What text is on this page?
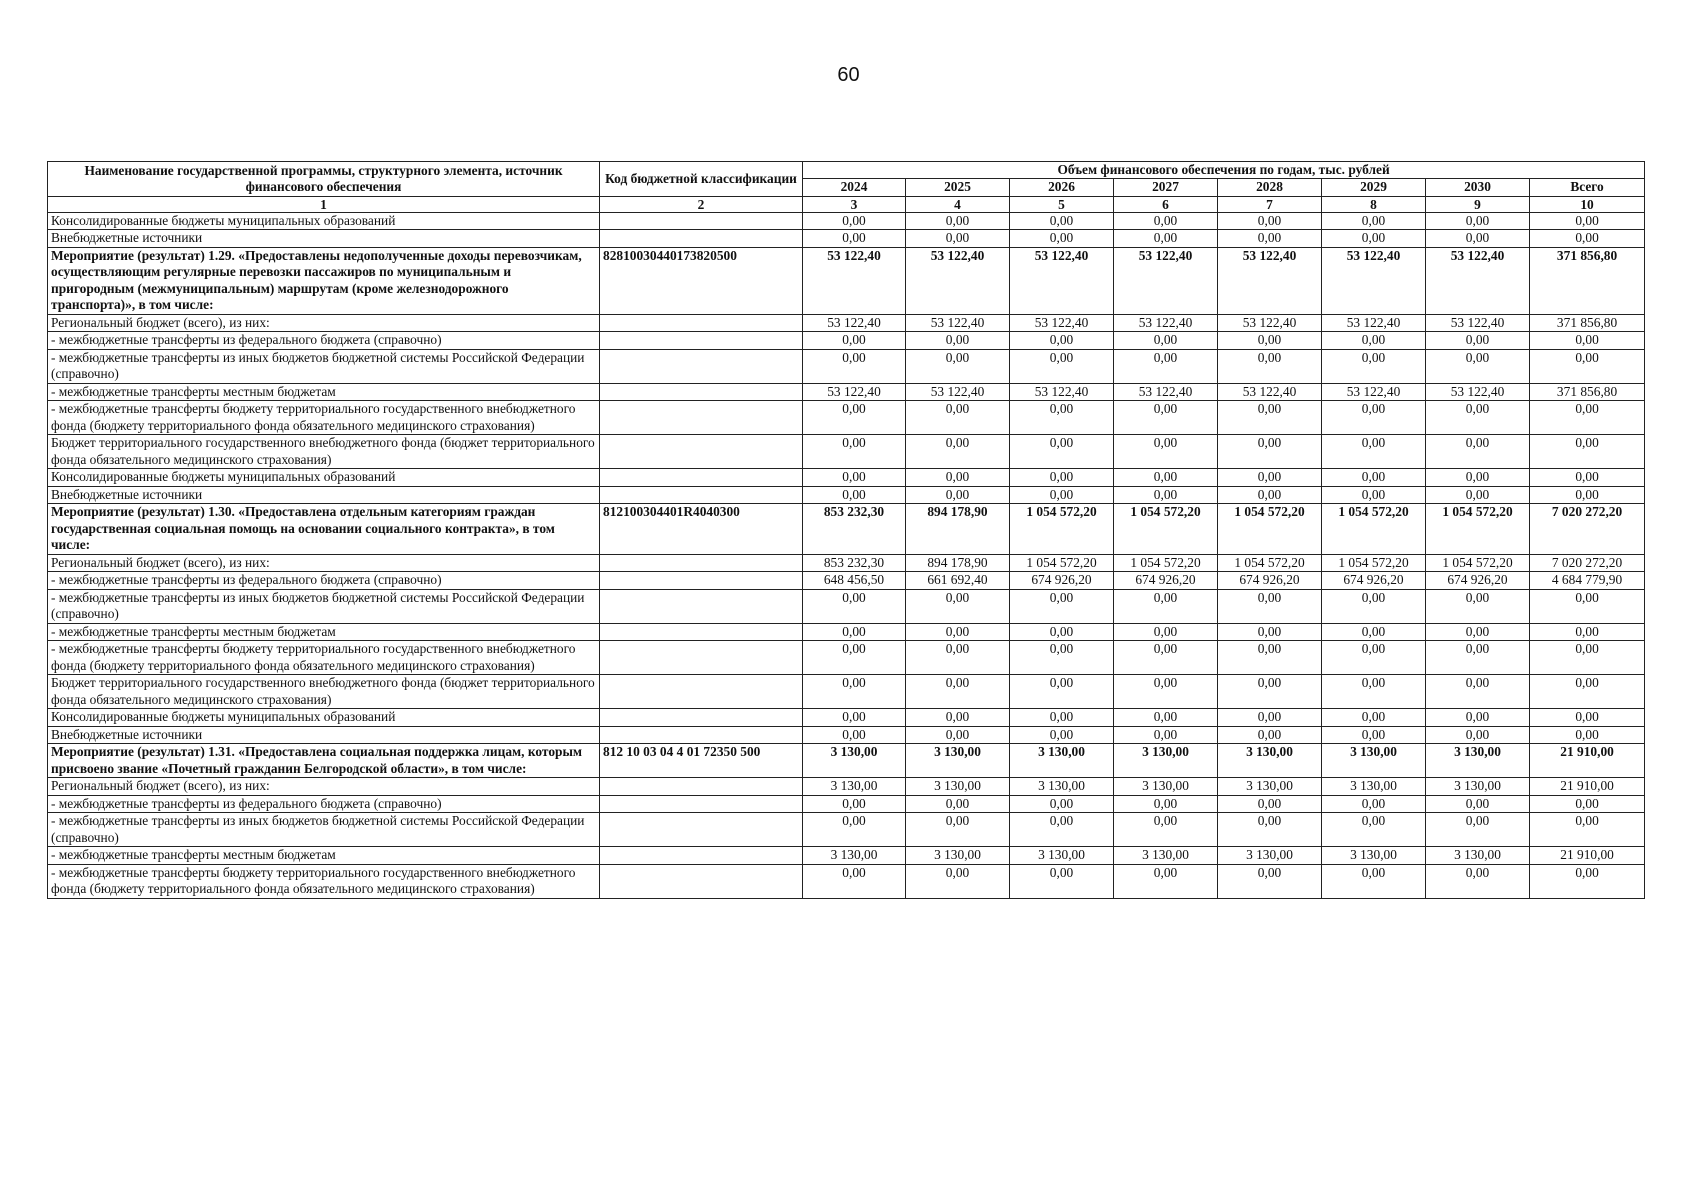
60
Наименование государственной программы, структурного элемента, источник финансового обеспечения	Код бюджетной классификации	Объем финансового обеспечения по годам, тыс. рублей							
		2024	2025	2026	2027	2028	2029	2030	Всего
1	2	3	4	5	6	7	8	9	10
Консолидированные бюджеты муниципальных образований		0,00	0,00	0,00	0,00	0,00	0,00	0,00	0,00
Внебюджетные источники		0,00	0,00	0,00	0,00	0,00	0,00	0,00	0,00
Мероприятие (результат) 1.29. «Предоставлены недополученные доходы перевозчикам, осуществляющим регулярные перевозки пассажиров по муниципальным и пригородным (межмуниципальным) маршрутам (кроме железнодорожного транспорта)», в том числе:	82810030440173820500	53 122,40	53 122,40	53 122,40	53 122,40	53 122,40	53 122,40	53 122,40	371 856,80
Региональный бюджет (всего), из них:		53 122,40	53 122,40	53 122,40	53 122,40	53 122,40	53 122,40	53 122,40	371 856,80
- межбюджетные трансферты из федерального бюджета (справочно)		0,00	0,00	0,00	0,00	0,00	0,00	0,00	0,00
- межбюджетные трансферты из иных бюджетов бюджетной системы Российской Федерации (справочно)		0,00	0,00	0,00	0,00	0,00	0,00	0,00	0,00
- межбюджетные трансферты местным бюджетам		53 122,40	53 122,40	53 122,40	53 122,40	53 122,40	53 122,40	53 122,40	371 856,80
- межбюджетные трансферты бюджету территориального государственного внебюджетного фонда (бюджету территориального фонда обязательного медицинского страхования)		0,00	0,00	0,00	0,00	0,00	0,00	0,00	0,00
Бюджет территориального государственного внебюджетного фонда (бюджет территориального фонда обязательного медицинского страхования)		0,00	0,00	0,00	0,00	0,00	0,00	0,00	0,00
Консолидированные бюджеты муниципальных образований		0,00	0,00	0,00	0,00	0,00	0,00	0,00	0,00
Внебюджетные источники		0,00	0,00	0,00	0,00	0,00	0,00	0,00	0,00
Мероприятие (результат) 1.30. «Предоставлена отдельным категориям граждан государственная социальная помощь на основании социального контракта», в том числе:	812100304401R4040300	853 232,30	894 178,90	1 054 572,20	1 054 572,20	1 054 572,20	1 054 572,20	1 054 572,20	7 020 272,20
Региональный бюджет (всего), из них:		853 232,30	894 178,90	1 054 572,20	1 054 572,20	1 054 572,20	1 054 572,20	1 054 572,20	7 020 272,20
- межбюджетные трансферты из федерального бюджета (справочно)		648 456,50	661 692,40	674 926,20	674 926,20	674 926,20	674 926,20	674 926,20	4 684 779,90
- межбюджетные трансферты из иных бюджетов бюджетной системы Российской Федерации (справочно)		0,00	0,00	0,00	0,00	0,00	0,00	0,00	0,00
- межбюджетные трансферты местным бюджетам		0,00	0,00	0,00	0,00	0,00	0,00	0,00	0,00
- межбюджетные трансферты бюджету территориального государственного внебюджетного фонда (бюджету территориального фонда обязательного медицинского страхования)		0,00	0,00	0,00	0,00	0,00	0,00	0,00	0,00
Бюджет территориального государственного внебюджетного фонда (бюджет территориального фонда обязательного медицинского страхования)		0,00	0,00	0,00	0,00	0,00	0,00	0,00	0,00
Консолидированные бюджеты муниципальных образований		0,00	0,00	0,00	0,00	0,00	0,00	0,00	0,00
Внебюджетные источники		0,00	0,00	0,00	0,00	0,00	0,00	0,00	0,00
Мероприятие (результат) 1.31. «Предоставлена социальная поддержка лицам, которым присвоено звание «Почетный гражданин Белгородской области», в том числе:	812 10 03 04 4 01 72350 500	3 130,00	3 130,00	3 130,00	3 130,00	3 130,00	3 130,00	3 130,00	21 910,00
Региональный бюджет (всего), из них:		3 130,00	3 130,00	3 130,00	3 130,00	3 130,00	3 130,00	3 130,00	21 910,00
- межбюджетные трансферты из федерального бюджета (справочно)		0,00	0,00	0,00	0,00	0,00	0,00	0,00	0,00
- межбюджетные трансферты из иных бюджетов бюджетной системы Российской Федерации (справочно)		0,00	0,00	0,00	0,00	0,00	0,00	0,00	0,00
- межбюджетные трансферты местным бюджетам		3 130,00	3 130,00	3 130,00	3 130,00	3 130,00	3 130,00	3 130,00	21 910,00
- межбюджетные трансферты бюджету территориального государственного внебюджетного фонда (бюджету территориального фонда обязательного медицинского страхования)		0,00	0,00	0,00	0,00	0,00	0,00	0,00	0,00
